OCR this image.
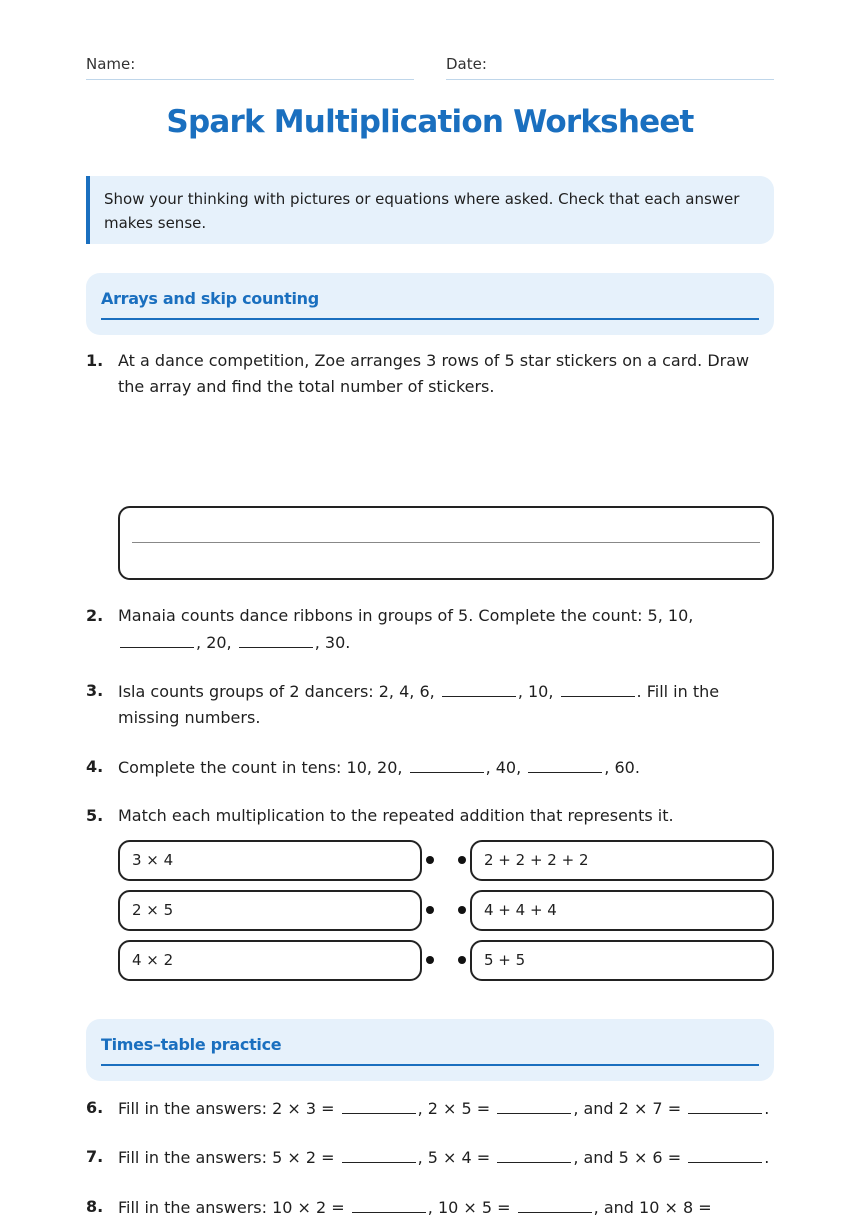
Name:	Date:
Spark Multiplication Worksheet
Show your thinking with pictures or equations where asked. Check that each answer makes sense.
Arrays and skip counting
1. At a dance competition, Zoe arranges 3 rows of 5 star stickers on a card. Draw the array and find the total number of stickers.
2. Manaia counts dance ribbons in groups of 5. Complete the count: 5, 10, , 20,	, 30.
3. Isla counts groups of 2 dancers: 2, 4, 6,	, 10,	. Fill in the missing numbers.
4. Complete the count in tens: 10, 20,	, 40,	, 60.
5. Match each multiplication to the repeated addition that represents it.
3 × 4
2 × 5
4 × 2
2 + 2 + 2 + 2
4 + 4 + 4
5 + 5
Times–table practice
6. Fill in the answers: 2 × 3 =	, 2 × 5 =	, and 2 × 7 =	.
7. Fill in the answers: 5 × 2 =	, 5 × 4 =	, and 5 × 6 =	.
8. Fill in the answers: 10 × 2 =	, 10 × 5 =	, and 10 × 8 =
